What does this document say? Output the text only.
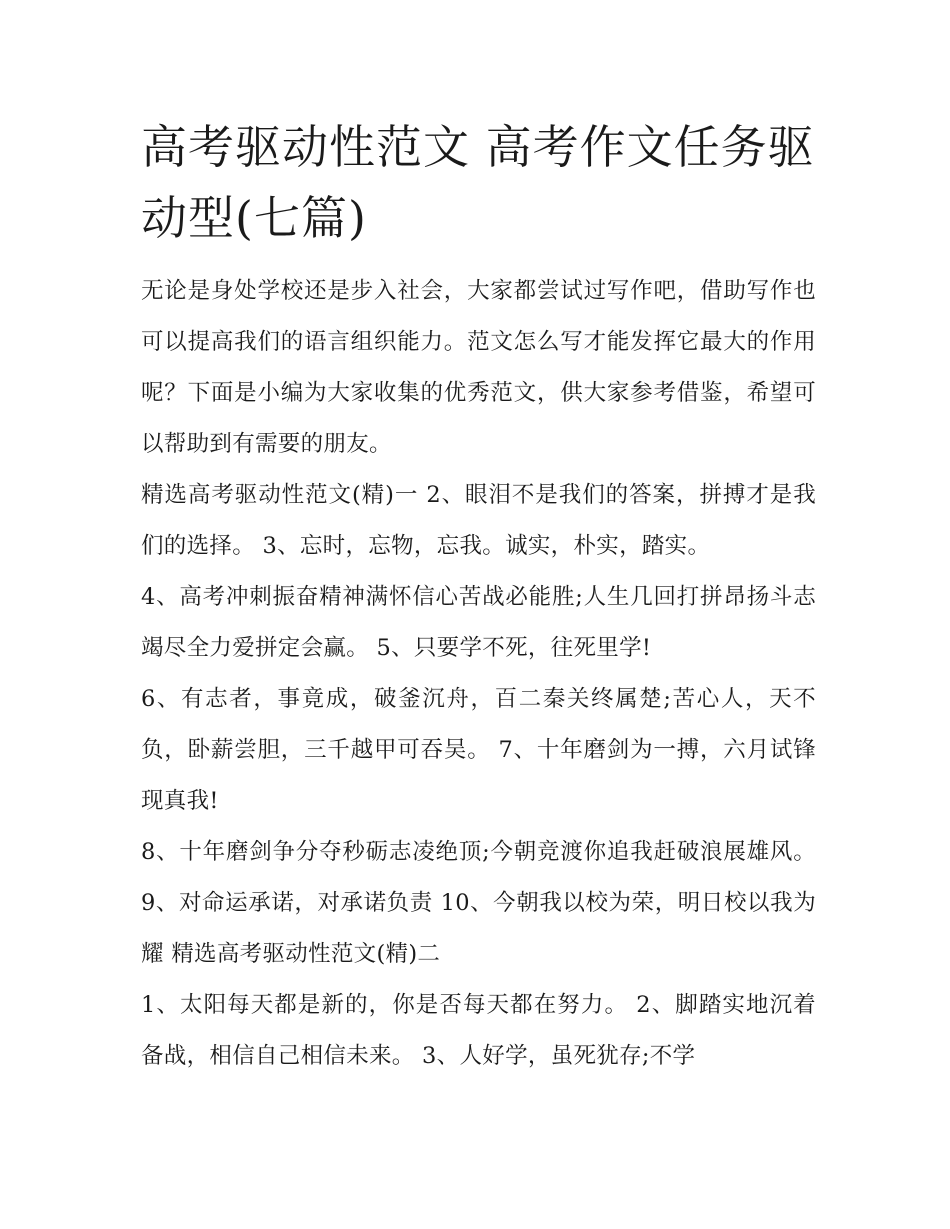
高考驱动性范文 高考作文任务驱动型(七篇)

无论是身处学校还是步入社会，大家都尝试过写作吧，借助写作也可以提高我们的语言组织能力。范文怎么写才能发挥它最大的作用呢？下面是小编为大家收集的优秀范文，供大家参考借鉴，希望可以帮助到有需要的朋友。

精选高考驱动性范文(精)一 2、眼泪不是我们的答案，拼搏才是我们的选择。 3、忘时，忘物，忘我。诚实，朴实，踏实。

4、高考冲刺振奋精神满怀信心苦战必能胜;人生几回打拼昂扬斗志竭尽全力爱拼定会赢。 5、只要学不死，往死里学!

6、有志者，事竟成，破釜沉舟，百二秦关终属楚;苦心人，天不负，卧薪尝胆，三千越甲可吞吴。 7、十年磨剑为一搏，六月试锋现真我!

8、十年磨剑争分夺秒砺志凌绝顶;今朝竞渡你追我赶破浪展雄风。 9、对命运承诺，对承诺负责 10、今朝我以校为荣，明日校以我为耀 精选高考驱动性范文(精)二

1、太阳每天都是新的，你是否每天都在努力。 2、脚踏实地沉着备战，相信自己相信未来。 3、人好学，虽死犹存;不学
